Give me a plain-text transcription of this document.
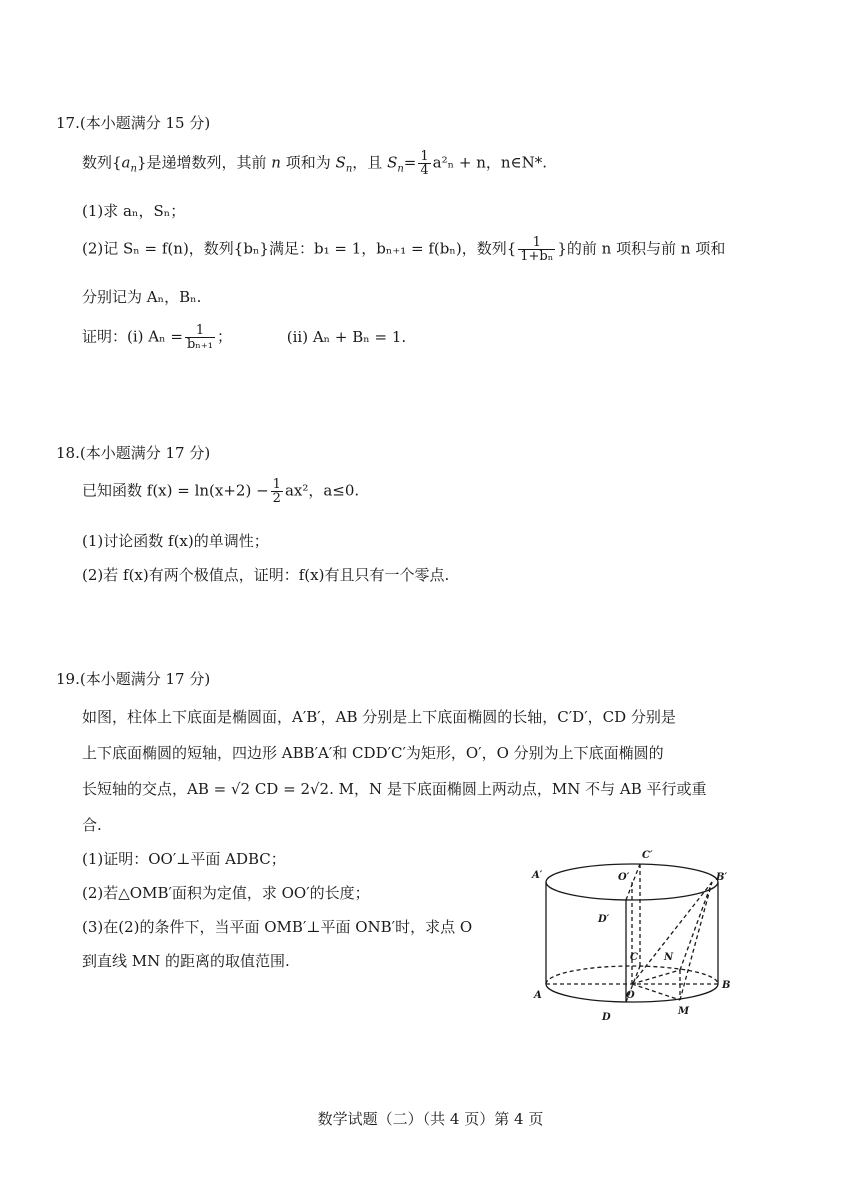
17.(本小题满分 15 分)
数列$\{a_n\}$是递增数列，其前 n 项和为 $S_n$，且 $S_n= \frac{1}{4} a^2_n + n$，n∈N*.
(1)求 aₙ，Sₙ；
(2)记 Sₙ = f(n)，数列{bₙ}满足：b₁ = 1，bₙ₊₁ = f(bₙ)，数列{ $\frac{1}{\text{1+bₙ}}$ }的前 n 项积与前 n 项和
分别记为 Aₙ，Bₙ.
证明：(i) $A_n = \frac{1}{\text{bₙ₊₁}}$ ；	(ii) Aₙ + Bₙ = 1.
18.(本小题满分 17 分)
已知函数 $f(x) = \ln(x+2) - \frac{1}{2} ax^2$，a≤0.
(1)讨论函数 f(x)的单调性；
(2)若 f(x)有两个极值点，证明：f(x)有且只有一个零点.
19.(本小题满分 17 分)
如图，柱体上下底面是椭圆面，A′B′，AB 分别是上下底面椭圆的长轴，C′D′，CD 分别是
上下底面椭圆的短轴，四边形 ABB′A′和 CDD′C′为矩形，O′，O 分别为上下底面椭圆的
长短轴的交点，AB = √2 CD = 2√2. M，N 是下底面椭圆上两动点，MN 不与 AB 平行或重
合.
(1)证明：OO′⊥平面 ADBC；
(2)若△OMB′面积为定值，求 OO′的长度；
(3)在(2)的条件下，当平面 OMB′⊥平面 ONB′时，求点 O
到直线 MN 的距离的取值范围.
A′	B′
C′
O′
D′
A
B
C
D
O
M
N
数学试题（二）（共 4 页）第 4 页
